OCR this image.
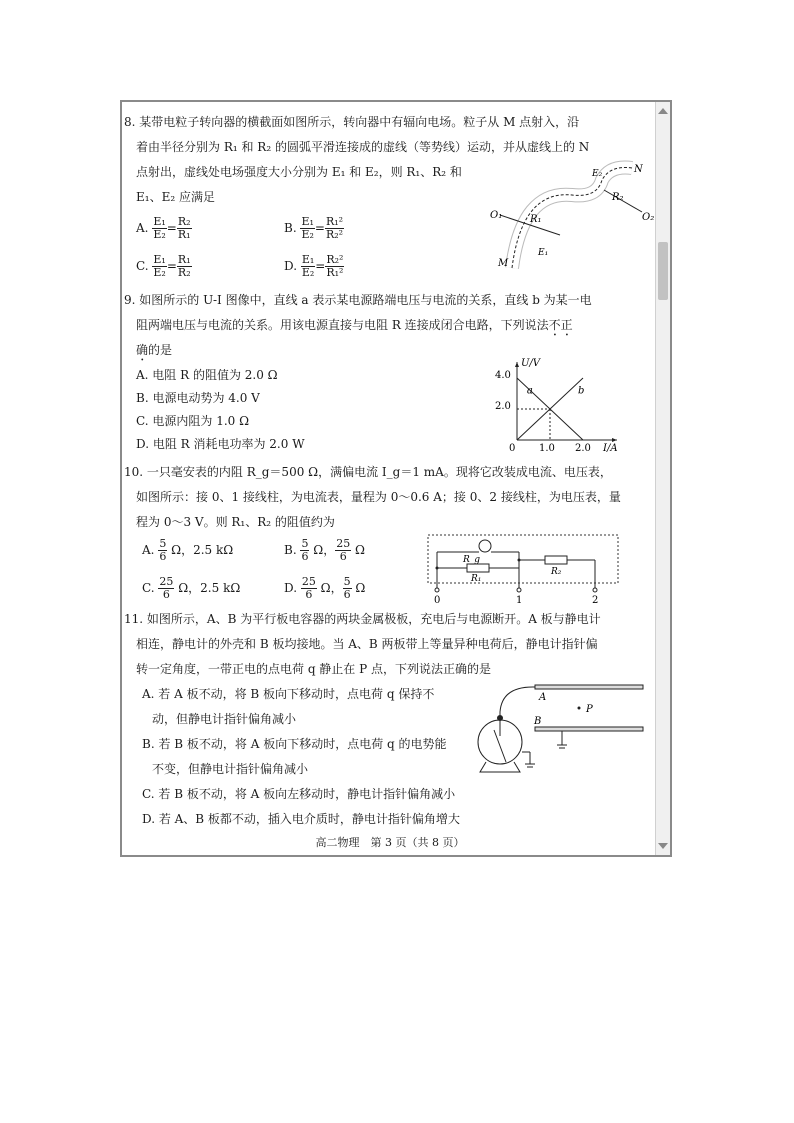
8. 某带电粒子转向器的横截面如图所示，转向器中有辐向电场。粒子从 M 点射入，沿
着由半径分别为 R₁ 和 R₂ 的圆弧平滑连接成的虚线（等势线）运动，并从虚线上的 N
点射出，虚线处电场强度大小分别为 E₁ 和 E₂，则 R₁、R₂ 和
E₁、E₂ 应满足
A. $\frac{\text{E₁}}{\text{E₂}} = \frac{\text{R₂}}{\text{R₁}}$	B. $\frac{\text{E₁}}{\text{E₂}} = \frac{\text{R₁²}}{\text{R₂²}}$
C. $\frac{\text{E₁}}{\text{E₂}} = \frac{\text{R₁}}{\text{R₂}}$	D. $\frac{\text{E₁}}{\text{E₂}} = \frac{\text{R₂²}}{\text{R₁²}}$
O₁	O₂
R₁
R₂
N
M
E₁
E₂
9. 如图所示的 U-I 图像中，直线 a 表示某电源路端电压与电流的关系，直线 b 为某一电
阻两端电压与电流的关系。用该电源直接与电阻 R 连接成闭合电路，下列说法不正
确的是
A. 电阻 R 的阻值为 2.0 Ω
B. 电源电动势为 4.0 V
C. 电源内阻为 1.0 Ω
D. 电阻 R 消耗电功率为 2.0 W
U/V
I/A
4.0
2.0
0 1.0 2.0
a	b
10. 一只毫安表的内阻 R_g＝500 Ω，满偏电流 I_g＝1 mA。现将它改装成电流、电压表，
如图所示：接 0、1 接线柱，为电流表，量程为 0～0.6 A；接 0、2 接线柱，为电压表，量
程为 0～3 V。则 R₁、R₂ 的阻值约为
A. $\frac{5}{6}$ Ω，2.5 kΩ	B. $\frac{5}{6}$ Ω， $\frac{25}{6}$ Ω
C. $\frac{25}{6}$ Ω，2.5 kΩ	D. $\frac{25}{6}$ Ω， $\frac{5}{6}$ Ω
R_g
R₁
R₂
0	1	2
11. 如图所示，A、B 为平行板电容器的两块金属极板，充电后与电源断开。A 板与静电计
相连，静电计的外壳和 B 板均接地。当 A、B 两板带上等量异种电荷后，静电计指针偏
转一定角度，一带正电的点电荷 q 静止在 P 点，下列说法正确的是
A. 若 A 板不动，将 B 板向下移动时，点电荷 q 保持不
动，但静电计指针偏角减小
B. 若 B 板不动，将 A 板向下移动时，点电荷 q 的电势能
不变，但静电计指针偏角减小
C. 若 B 板不动，将 A 板向左移动时，静电计指针偏角减小
D. 若 A、B 板都不动，插入电介质时，静电计指针偏角增大
A
B
P
高二物理　第 3 页（共 8 页）
